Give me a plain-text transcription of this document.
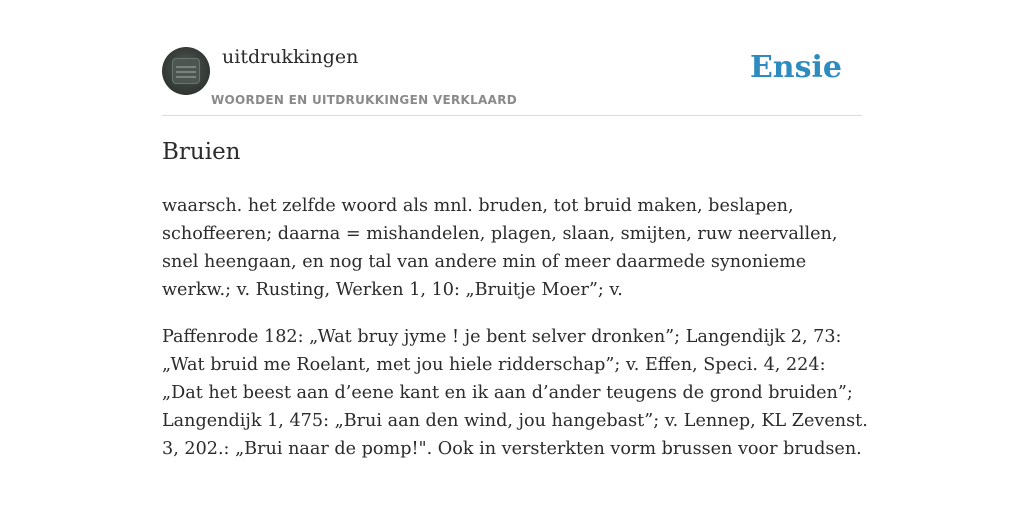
uitdrukkingen
WOORDEN EN UITDRUKKINGEN VERKLAARD
Ensie
Bruien

waarsch. het zelfde woord als mnl. bruden, tot bruid maken, beslapen, schoffeeren; daarna = mishandelen, plagen, slaan, smijten, ruw neervallen, snel heengaan, en nog tal van andere min of meer daarmede synonieme werkw.; v. Rusting, Werken 1, 10: „Bruitje Moer”; v.

Paffenrode 182: „Wat bruy jyme ! je bent selver dronken”; Langendijk 2, 73: „Wat bruid me Roelant, met jou hiele ridderschap”; v. Effen, Speci. 4, 224: „Dat het beest aan d’eene kant en ik aan d’ander teugens de grond bruiden”; Langendijk 1, 475: „Brui aan den wind, jou hangebast”; v. Lennep, KL Zevenst. 3, 202.: „Brui naar de pomp!". Ook in versterkten vorm brussen voor brudsen.
